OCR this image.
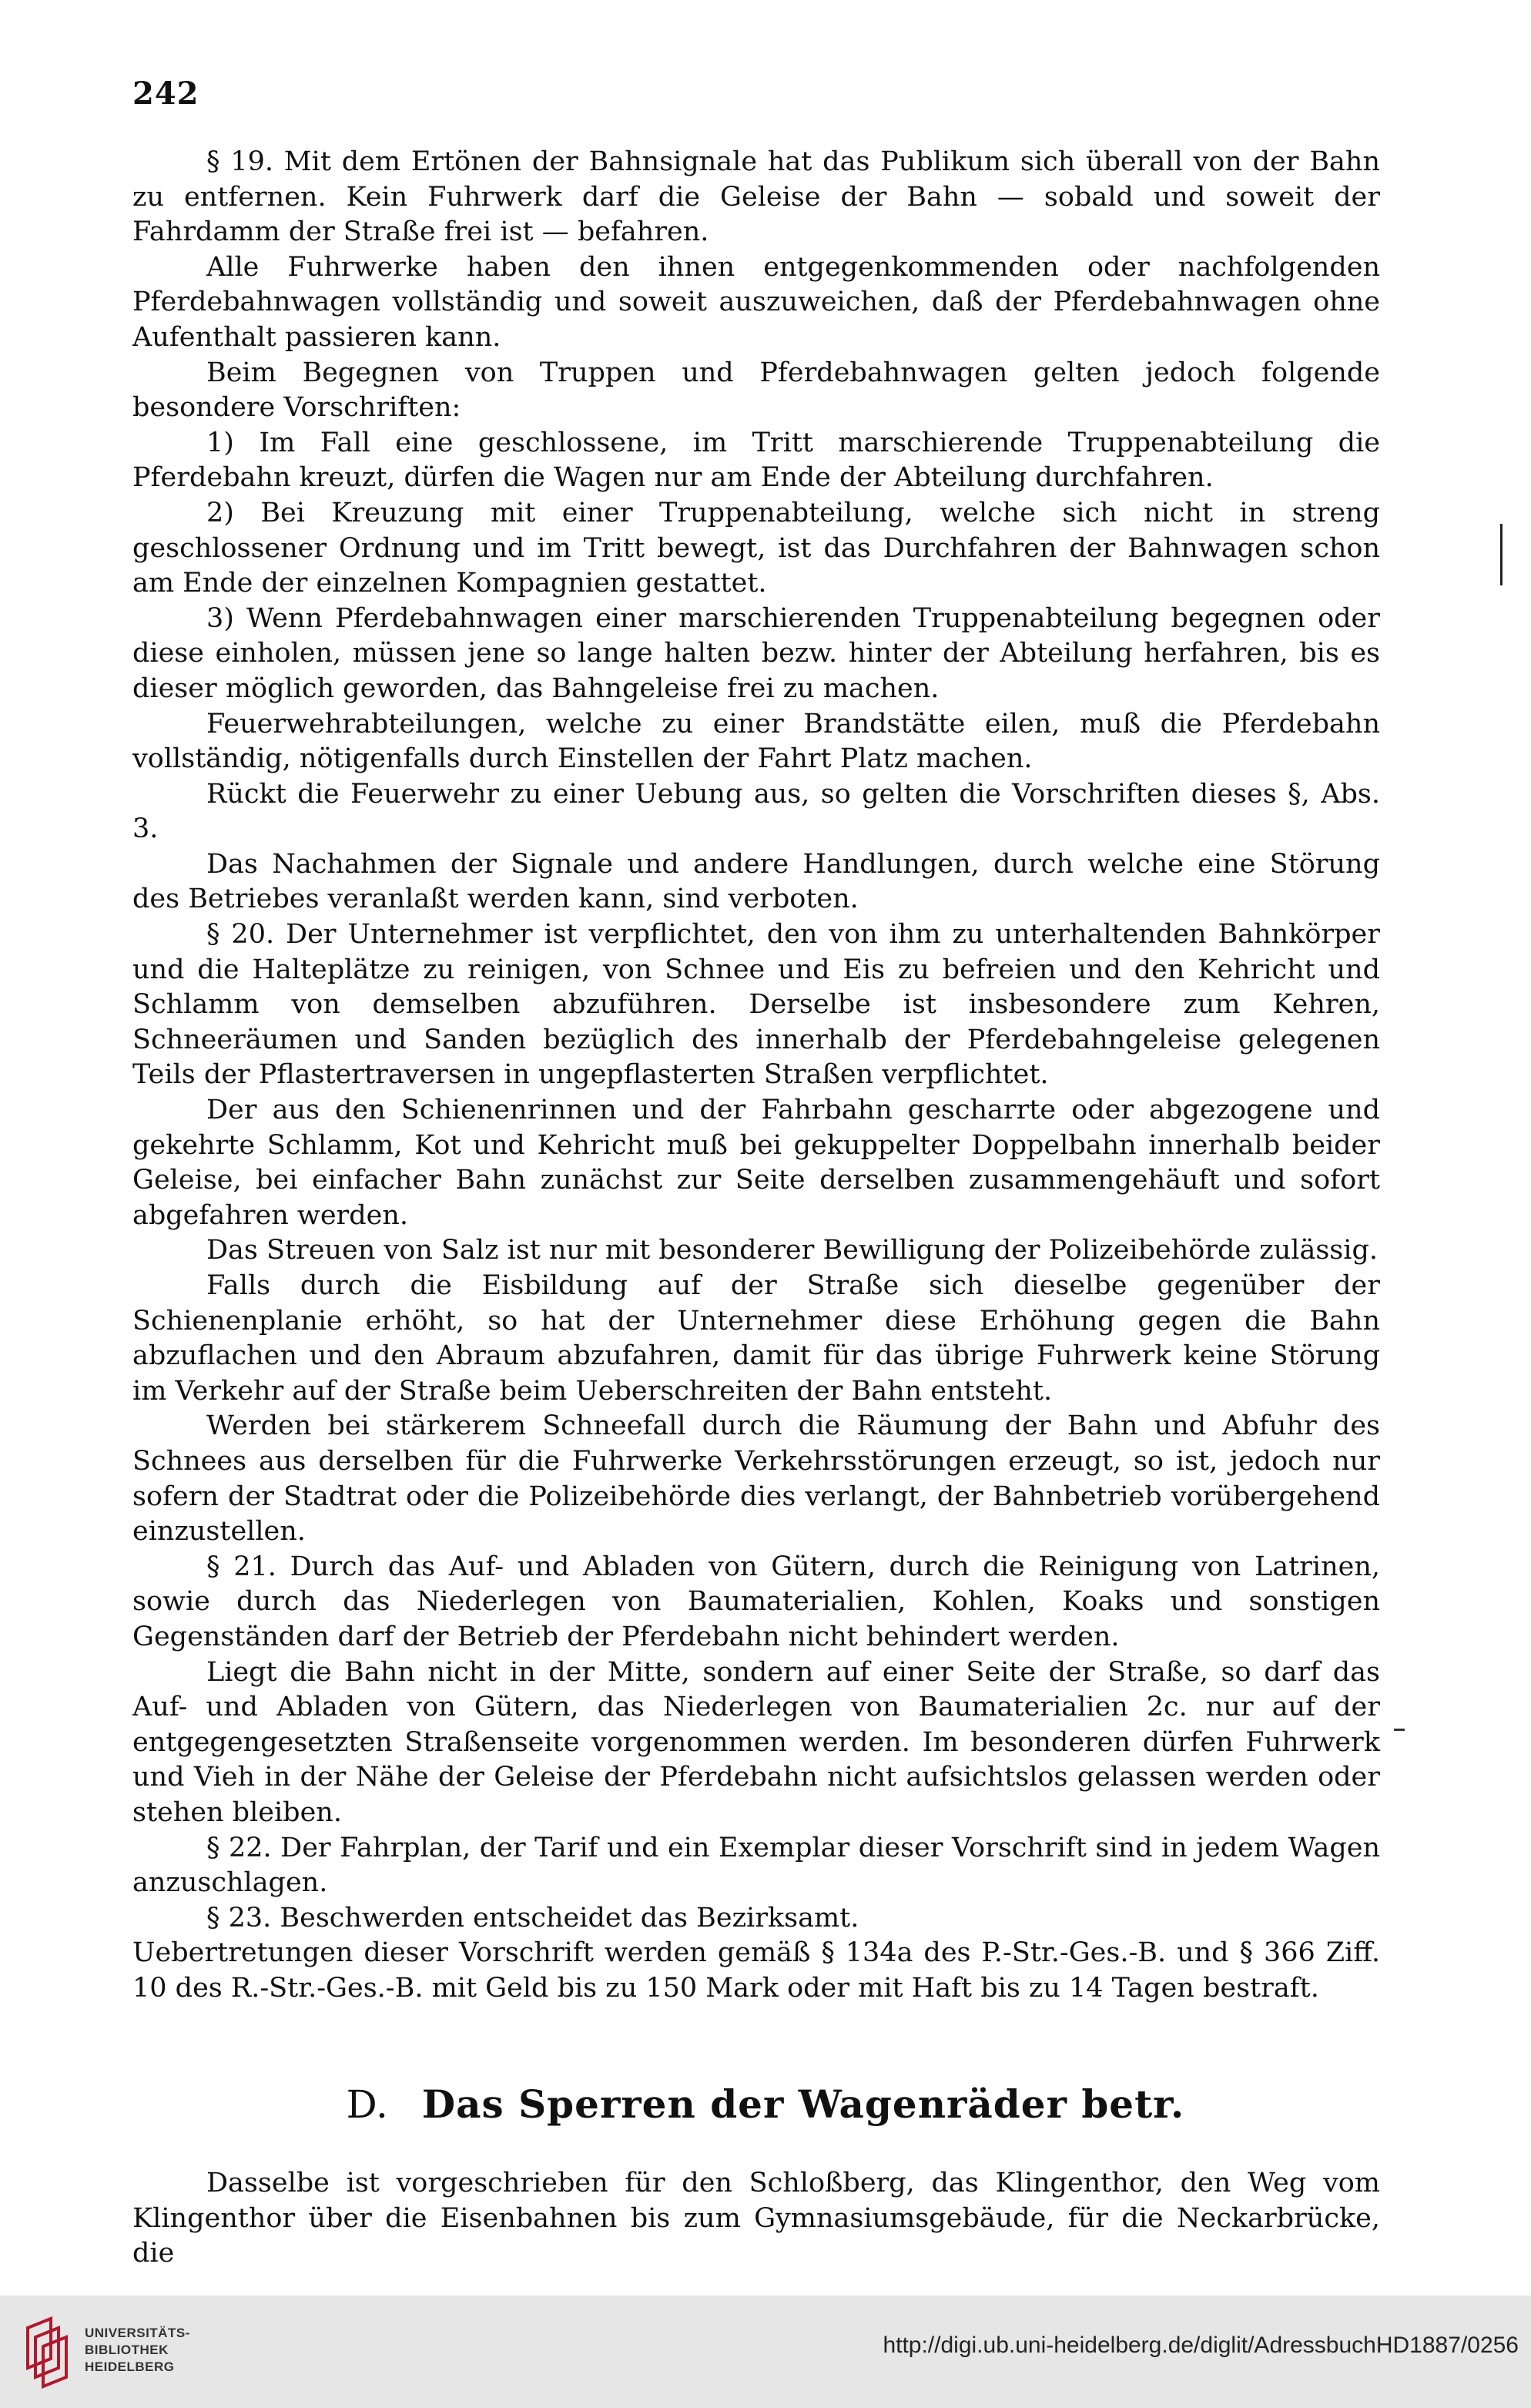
242

§ 19. Mit dem Ertönen der Bahnsignale hat das Publikum sich überall von der Bahn zu entfernen. Kein Fuhrwerk darf die Geleise der Bahn — sobald und soweit der Fahrdamm der Straße frei ist — befahren.

Alle Fuhrwerke haben den ihnen entgegenkommenden oder nachfolgenden Pferdebahnwagen vollständig und soweit auszuweichen, daß der Pferdebahnwagen ohne Aufenthalt passieren kann.

Beim Begegnen von Truppen und Pferdebahnwagen gelten jedoch folgende besondere Vorschriften:

1) Im Fall eine geschlossene, im Tritt marschierende Truppenabteilung die Pferdebahn kreuzt, dürfen die Wagen nur am Ende der Abteilung durchfahren.

2) Bei Kreuzung mit einer Truppenabteilung, welche sich nicht in streng geschlossener Ordnung und im Tritt bewegt, ist das Durchfahren der Bahnwagen schon am Ende der einzelnen Kompagnien gestattet.

3) Wenn Pferdebahnwagen einer marschierenden Truppenabteilung begegnen oder diese einholen, müssen jene so lange halten bezw. hinter der Abteilung herfahren, bis es dieser möglich geworden, das Bahngeleise frei zu machen.

Feuerwehrabteilungen, welche zu einer Brandstätte eilen, muß die Pferdebahn vollständig, nötigenfalls durch Einstellen der Fahrt Platz machen.

Rückt die Feuerwehr zu einer Uebung aus, so gelten die Vorschriften dieses §, Abs. 3.

Das Nachahmen der Signale und andere Handlungen, durch welche eine Störung des Betriebes veranlaßt werden kann, sind verboten.

§ 20. Der Unternehmer ist verpflichtet, den von ihm zu unterhaltenden Bahnkörper und die Halteplätze zu reinigen, von Schnee und Eis zu befreien und den Kehricht und Schlamm von demselben abzuführen. Derselbe ist insbesondere zum Kehren, Schneeräumen und Sanden bezüglich des innerhalb der Pferdebahngeleise gelegenen Teils der Pflastertraversen in ungepflasterten Straßen verpflichtet.

Der aus den Schienenrinnen und der Fahrbahn gescharrte oder abgezogene und gekehrte Schlamm, Kot und Kehricht muß bei gekuppelter Doppelbahn innerhalb beider Geleise, bei einfacher Bahn zunächst zur Seite derselben zusammengehäuft und sofort abgefahren werden.

Das Streuen von Salz ist nur mit besonderer Bewilligung der Polizeibehörde zulässig.

Falls durch die Eisbildung auf der Straße sich dieselbe gegenüber der Schienenplanie erhöht, so hat der Unternehmer diese Erhöhung gegen die Bahn abzuflachen und den Abraum abzufahren, damit für das übrige Fuhrwerk keine Störung im Verkehr auf der Straße beim Ueberschreiten der Bahn entsteht.

Werden bei stärkerem Schneefall durch die Räumung der Bahn und Abfuhr des Schnees aus derselben für die Fuhrwerke Verkehrsstörungen erzeugt, so ist, jedoch nur sofern der Stadtrat oder die Polizeibehörde dies verlangt, der Bahnbetrieb vorübergehend einzustellen.

§ 21. Durch das Auf- und Abladen von Gütern, durch die Reinigung von Latrinen, sowie durch das Niederlegen von Baumaterialien, Kohlen, Koaks und sonstigen Gegenständen darf der Betrieb der Pferdebahn nicht behindert werden.

Liegt die Bahn nicht in der Mitte, sondern auf einer Seite der Straße, so darf das Auf- und Abladen von Gütern, das Niederlegen von Baumaterialien 2c. nur auf der entgegengesetzten Straßenseite vorgenommen werden. Im besonderen dürfen Fuhrwerk und Vieh in der Nähe der Geleise der Pferdebahn nicht aufsichtslos gelassen werden oder stehen bleiben.

§ 22. Der Fahrplan, der Tarif und ein Exemplar dieser Vorschrift sind in jedem Wagen anzuschlagen.

§ 23. Beschwerden entscheidet das Bezirksamt.

Uebertretungen dieser Vorschrift werden gemäß § 134a des P.-Str.-Ges.-B. und § 366 Ziff. 10 des R.-Str.-Ges.-B. mit Geld bis zu 150 Mark oder mit Haft bis zu 14 Tagen bestraft.

D. Das Sperren der Wagenräder betr.

Dasselbe ist vorgeschrieben für den Schloßberg, das Klingenthor, den Weg vom Klingenthor über die Eisenbahnen bis zum Gymnasiumsgebäude, für die Neckarbrücke, die

UNIVERSITÄTS-
BIBLIOTHEK
HEIDELBERG
http://digi.ub.uni-heidelberg.de/diglit/AdressbuchHD1887/0256
